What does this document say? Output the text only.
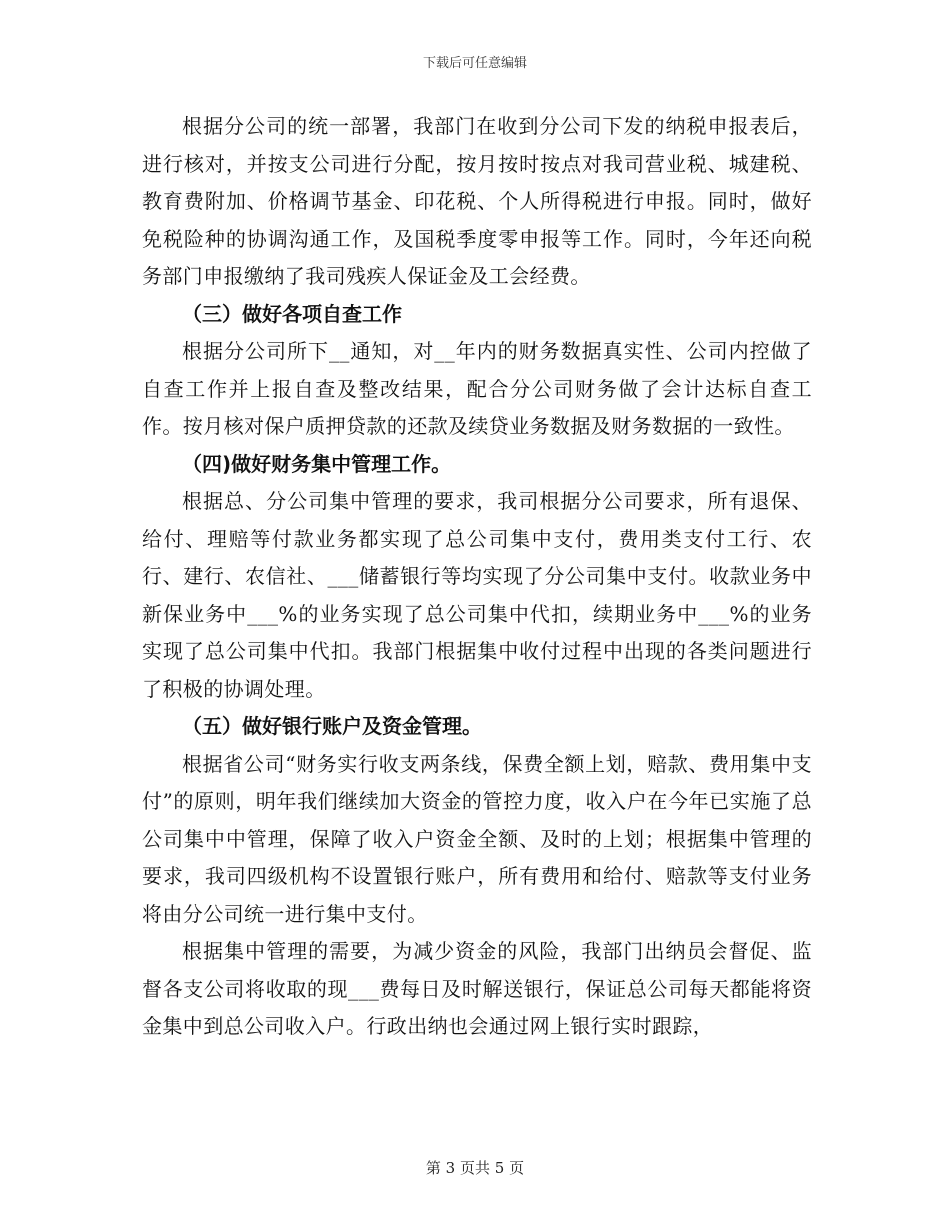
下载后可任意编辑

根据分公司的统一部署，我部门在收到分公司下发的纳税申报表后，进行核对，并按支公司进行分配，按月按时按点对我司营业税、城建税、教育费附加、价格调节基金、印花税、个人所得税进行申报。同时，做好免税险种的协调沟通工作，及国税季度零申报等工作。同时，今年还向税务部门申报缴纳了我司残疾人保证金及工会经费。

（三）做好各项自查工作

根据分公司所下__通知，对__年内的财务数据真实性、公司内控做了自查工作并上报自查及整改结果，配合分公司财务做了会计达标自查工作。按月核对保户质押贷款的还款及续贷业务数据及财务数据的一致性。

（四)做好财务集中管理工作。

根据总、分公司集中管理的要求，我司根据分公司要求，所有退保、给付、理赔等付款业务都实现了总公司集中支付，费用类支付工行、农行、建行、农信社、___储蓄银行等均实现了分公司集中支付。收款业务中新保业务中___%的业务实现了总公司集中代扣，续期业务中___%的业务实现了总公司集中代扣。我部门根据集中收付过程中出现的各类问题进行了积极的协调处理。

（五）做好银行账户及资金管理。

根据省公司“财务实行收支两条线，保费全额上划，赔款、费用集中支付”的原则，明年我们继续加大资金的管控力度，收入户在今年已实施了总公司集中中管理，保障了收入户资金全额、及时的上划；根据集中管理的要求，我司四级机构不设置银行账户，所有费用和给付、赔款等支付业务将由分公司统一进行集中支付。

根据集中管理的需要，为减少资金的风险，我部门出纳员会督促、监督各支公司将收取的现___费每日及时解送银行，保证总公司每天都能将资金集中到总公司收入户。行政出纳也会通过网上银行实时跟踪，

第 3 页共 5 页
